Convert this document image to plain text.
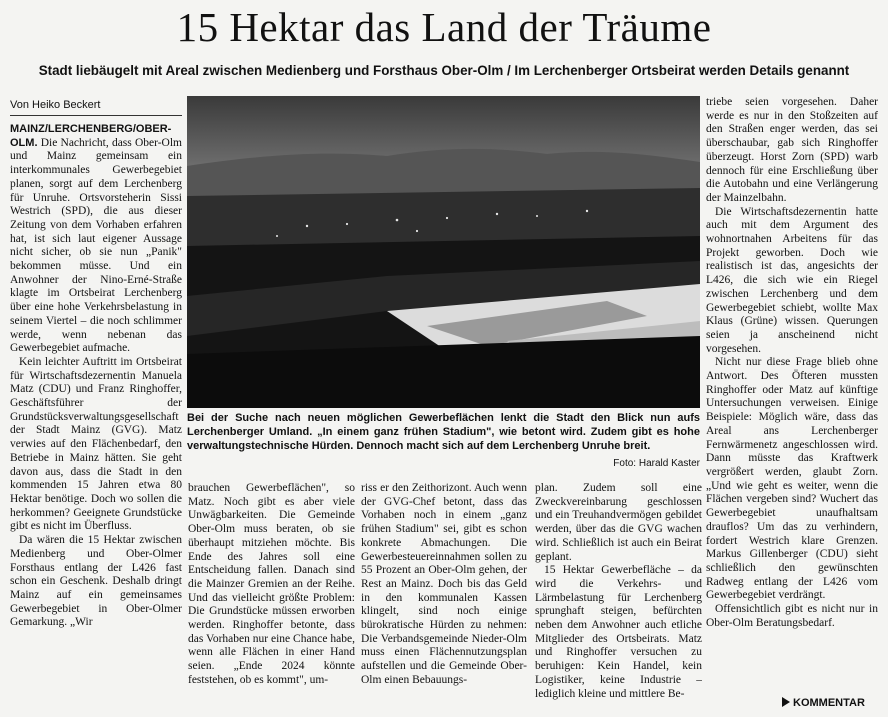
15 Hektar das Land der Träume
Stadt liebäugelt mit Areal zwischen Medienberg und Forsthaus Ober-Olm / Im Lerchenberger Ortsbeirat werden Details genannt
Von Heiko Beckert

MAINZ/LERCHENBERG/OBER-OLM. Die Nachricht, dass Ober-Olm und Mainz gemeinsam ein interkommunales Gewerbegebiet planen, sorgt auf dem Lerchenberg für Unruhe. Ortsvorsteherin Sissi Westrich (SPD), die aus dieser Zeitung von dem Vorhaben erfahren hat, ist sich laut eigener Aussage nicht sicher, ob sie nun „Panik" bekommen müsse. Und ein Anwohner der Nino-Erné-Straße klagte im Ortsbeirat Lerchenberg über eine hohe Verkehrsbelastung in seinem Viertel – die noch schlimmer werde, wenn nebenan das Gewerbegebiet aufmache.

Kein leichter Auftritt im Ortsbeirat für Wirtschaftsdezernentin Manuela Matz (CDU) und Franz Ringhoffer, Geschäftsführer der Grundstücksverwaltungsgesellschaft der Stadt Mainz (GVG). Matz verwies auf den Flächenbedarf, den Betriebe in Mainz hätten. Sie geht davon aus, dass die Stadt in den kommenden 15 Jahren etwa 80 Hektar benötige. Doch wo sollen die herkommen? Geeignete Grundstücke gibt es nicht im Überfluss.

Da wären die 15 Hektar zwischen Medienberg und Ober-Olmer Forsthaus entlang der L426 fast schon ein Geschenk. Deshalb dringt Mainz auf ein gemeinsames Gewerbegebiet in Ober-Olmer Gemarkung. „Wir

Bei der Suche nach neuen möglichen Gewerbeflächen lenkt die Stadt den Blick nun aufs Lerchenberger Umland. „In einem ganz frühen Stadium", wie betont wird. Zudem gibt es hohe verwaltungstechnische Hürden. Dennoch macht sich auf dem Lerchenberg Unruhe breit.
Foto: Harald Kaster

brauchen Gewerbeflächen", so Matz. Noch gibt es aber viele Unwägbarkeiten. Die Gemeinde Ober-Olm muss beraten, ob sie überhaupt mitziehen möchte. Bis Ende des Jahres soll eine Entscheidung fallen. Danach sind die Mainzer Gremien an der Reihe. Und das vielleicht größte Problem: Die Grundstücke müssen erworben werden. Ringhoffer betonte, dass das Vorhaben nur eine Chance habe, wenn alle Flächen in einer Hand seien. „Ende 2024 könnte feststehen, ob es kommt", um-

riss er den Zeithorizont. Auch wenn der GVG-Chef betont, dass das Vorhaben noch in einem „ganz frühen Stadium" sei, gibt es schon konkrete Abmachungen. Die Gewerbesteuereinnahmen sollen zu 55 Prozent an Ober-Olm gehen, der Rest an Mainz. Doch bis das Geld in den kommunalen Kassen klingelt, sind noch einige bürokratische Hürden zu nehmen: Die Verbandsgemeinde Nieder-Olm muss einen Flächennutzungsplan aufstellen und die Gemeinde Ober-Olm einen Bebauungs-

plan. Zudem soll eine Zweckvereinbarung geschlossen und ein Treuhandvermögen gebildet werden, über das die GVG wachen wird. Schließlich ist auch ein Beirat geplant.

15 Hektar Gewerbefläche – da wird die Verkehrs- und Lärmbelastung für Lerchenberg sprunghaft steigen, befürchten neben dem Anwohner auch etliche Mitglieder des Ortsbeirats. Matz und Ringhoffer versuchen zu beruhigen: Kein Handel, kein Logistiker, keine Industrie – lediglich kleine und mittlere Be-

triebe seien vorgesehen. Daher werde es nur in den Stoßzeiten auf den Straßen enger werden, das sei überschaubar, gab sich Ringhoffer überzeugt. Horst Zorn (SPD) warb dennoch für eine Erschließung über die Autobahn und eine Verlängerung der Mainzelbahn.

Die Wirtschaftsdezernentin hatte auch mit dem Argument des wohnortnahen Arbeitens für das Projekt geworben. Doch wie realistisch ist das, angesichts der L426, die sich wie ein Riegel zwischen Lerchenberg und dem Gewerbegebiet schiebt, wollte Max Klaus (Grüne) wissen. Querungen seien ja anscheinend nicht vorgesehen.

Nicht nur diese Frage blieb ohne Antwort. Des Öfteren mussten Ringhoffer oder Matz auf künftige Untersuchungen verweisen. Einige Beispiele: Möglich wäre, dass das Areal ans Lerchenberger Fernwärmenetz angeschlossen wird. Dann müsste das Kraftwerk vergrößert werden, glaubt Zorn. „Und wie geht es weiter, wenn die Flächen vergeben sind? Wuchert das Gewerbegebiet unaufhaltsam drauflos? Um das zu verhindern, fordert Westrich klare Grenzen. Markus Gillenberger (CDU) sieht schließlich den gewünschten Radweg entlang der L426 vom Gewerbegebiet verdrängt.

Offensichtlich gibt es nicht nur in Ober-Olm Beratungsbedarf.

KOMMENTAR
